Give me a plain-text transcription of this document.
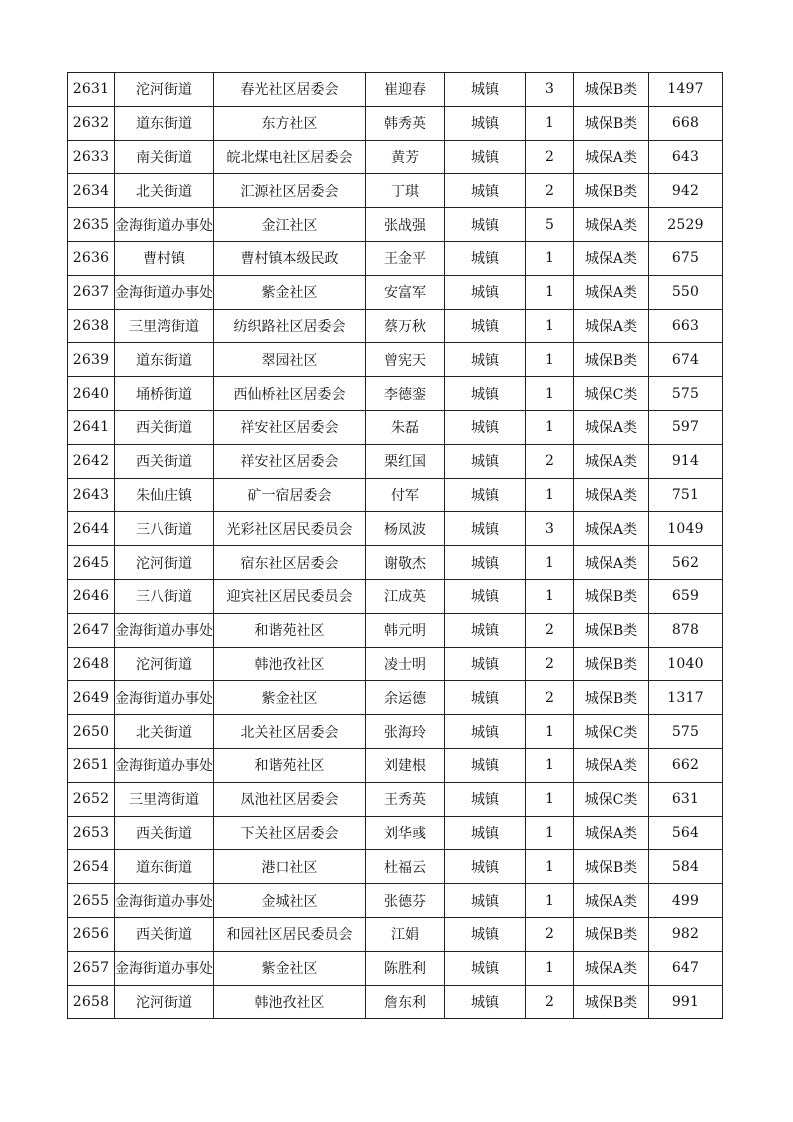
2631	沱河街道	春光社区居委会	崔迎春	城镇	3	城保B类	1497
2632	道东街道	东方社区	韩秀英	城镇	1	城保B类	668
2633	南关街道	皖北煤电社区居委会	黄芳	城镇	2	城保A类	643
2634	北关街道	汇源社区居委会	丁琪	城镇	2	城保B类	942
2635	金海街道办事处	金江社区	张战强	城镇	5	城保A类	2529
2636	曹村镇	曹村镇本级民政	王金平	城镇	1	城保A类	675
2637	金海街道办事处	紫金社区	安富军	城镇	1	城保A类	550
2638	三里湾街道	纺织路社区居委会	蔡万秋	城镇	1	城保A类	663
2639	道东街道	翠园社区	曾宪天	城镇	1	城保B类	674
2640	埇桥街道	西仙桥社区居委会	李德銮	城镇	1	城保C类	575
2641	西关街道	祥安社区居委会	朱磊	城镇	1	城保A类	597
2642	西关街道	祥安社区居委会	栗红国	城镇	2	城保A类	914
2643	朱仙庄镇	矿一宿居委会	付军	城镇	1	城保A类	751
2644	三八街道	光彩社区居民委员会	杨凤波	城镇	3	城保A类	1049
2645	沱河街道	宿东社区居委会	谢敬杰	城镇	1	城保A类	562
2646	三八街道	迎宾社区居民委员会	江成英	城镇	1	城保B类	659
2647	金海街道办事处	和谐苑社区	韩元明	城镇	2	城保B类	878
2648	沱河街道	韩池孜社区	凌士明	城镇	2	城保B类	1040
2649	金海街道办事处	紫金社区	余运德	城镇	2	城保B类	1317
2650	北关街道	北关社区居委会	张海玲	城镇	1	城保C类	575
2651	金海街道办事处	和谐苑社区	刘建根	城镇	1	城保A类	662
2652	三里湾街道	凤池社区居委会	王秀英	城镇	1	城保C类	631
2653	西关街道	下关社区居委会	刘华彧	城镇	1	城保A类	564
2654	道东街道	港口社区	杜福云	城镇	1	城保B类	584
2655	金海街道办事处	金城社区	张德芬	城镇	1	城保A类	499
2656	西关街道	和园社区居民委员会	江娟	城镇	2	城保B类	982
2657	金海街道办事处	紫金社区	陈胜利	城镇	1	城保A类	647
2658	沱河街道	韩池孜社区	詹东利	城镇	2	城保B类	991
